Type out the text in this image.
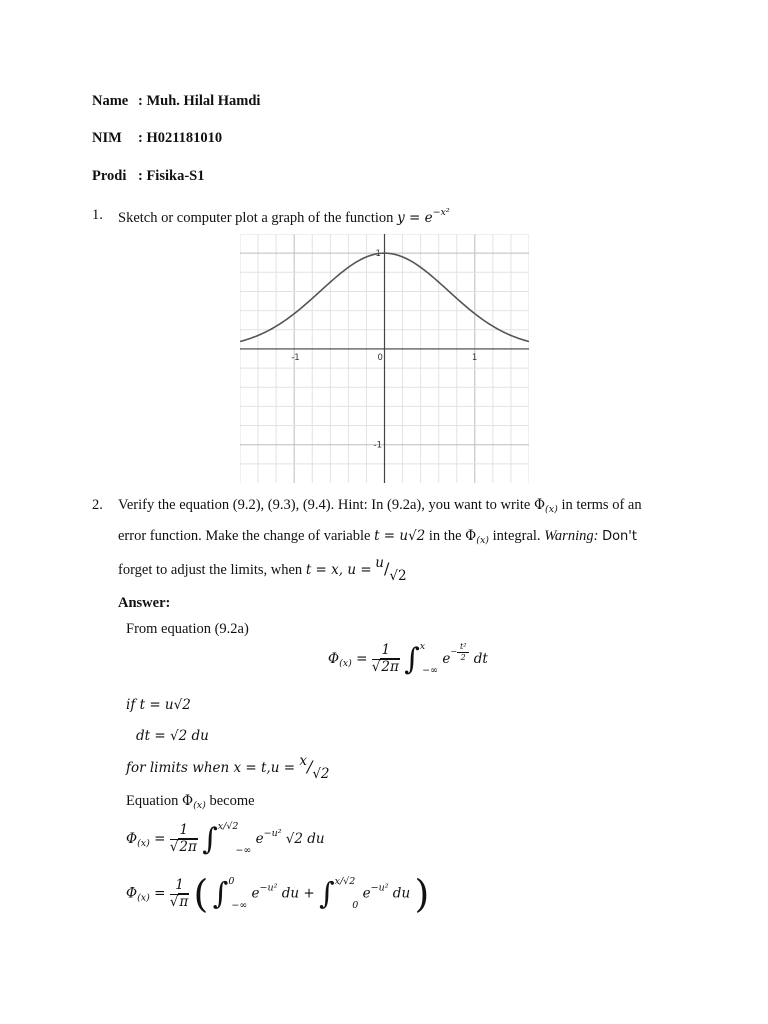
Name : Muh. Hilal Hamdi
NIM : H021181010
Prodi : Fisika-S1
1. Sketch or computer plot a graph of the function $y = e^{-x^2}$
-1	0	1
1
-1
2. Verify the equation (9.2), (9.3), (9.4). Hint: In (9.2a), you want to write $\Phi_{(x)}$ in terms of an
error function. Make the change of variable t = u√2 in the $\Phi_{(x)}$ integral. Warning: Don't
forget to adjust the limits, when t = x, u = u/√2
Answer:
From equation (9.2a)
$\Phi_{(x)} = \frac{1}{√2\pi} \int^x_{-\infty}$ $e^{- \frac{\text{t²}}{2}}$ dt
if t = u√2
dt = √2 du
for limits when x = t,u = x/√2
Equation $\Phi_{(x)}$ become
$\Phi_{(x)} = \frac{1}{√2\pi} \int^{x/√2}_{-\infty}$ $e^{-u^2}$ √2 du
$\Phi_{(x)} = \frac{1}{√\pi}$ ( ∫$^0_{-\infty}$ $e^{-u^2}$ du + ∫$^{x/√2}_0$ $e^{-u^2}$ du )
